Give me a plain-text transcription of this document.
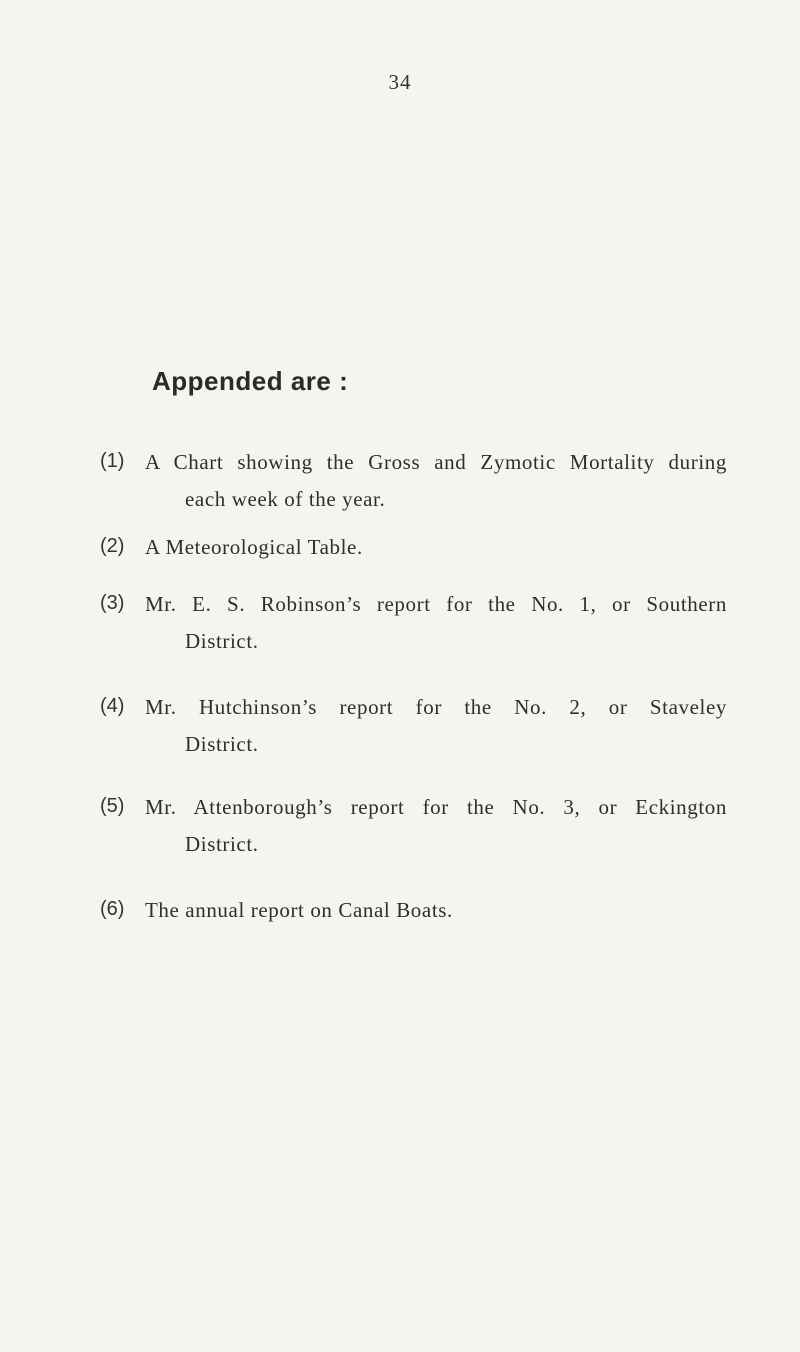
34
Appended are :
(1) A Chart showing the Gross and Zymotic Mortality during
each week of the year.
(2) A Meteorological Table.
(3) Mr. E. S. Robinson’s report for the No. 1, or Southern
District.
(4) Mr. Hutchinson’s report for the No. 2, or Staveley
District.
(5) Mr. Attenborough’s report for the No. 3, or Eckington
District.
(6) The annual report on Canal Boats.
